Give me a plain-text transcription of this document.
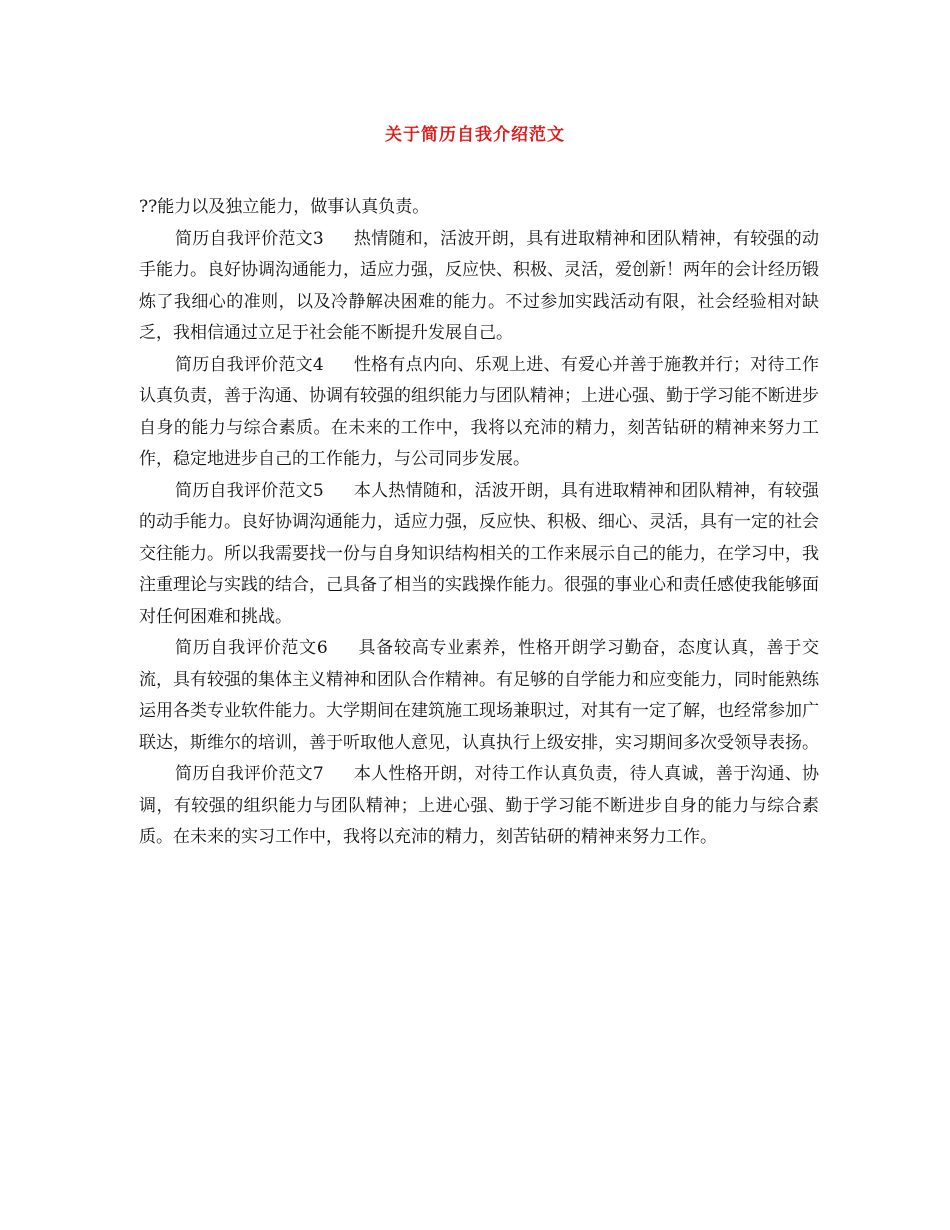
关于简历自我介绍范文

??能力以及独立能力，做事认真负责。

简历自我评价范文3 热情随和，活波开朗，具有进取精神和团队精神，有较强的动手能力。良好协调沟通能力，适应力强，反应快、积极、灵活，爱创新！两年的会计经历锻炼了我细心的准则，以及冷静解决困难的能力。不过参加实践活动有限，社会经验相对缺乏，我相信通过立足于社会能不断提升发展自己。

简历自我评价范文4 性格有点内向、乐观上进、有爱心并善于施教并行；对待工作认真负责，善于沟通、协调有较强的组织能力与团队精神；上进心强、勤于学习能不断进步自身的能力与综合素质。在未来的工作中，我将以充沛的精力，刻苦钻研的精神来努力工作，稳定地进步自己的工作能力，与公司同步发展。

简历自我评价范文5 本人热情随和，活波开朗，具有进取精神和团队精神，有较强的动手能力。良好协调沟通能力，适应力强，反应快、积极、细心、灵活，具有一定的社会交往能力。所以我需要找一份与自身知识结构相关的工作来展示自己的能力，在学习中，我注重理论与实践的结合，己具备了相当的实践操作能力。很强的事业心和责任感使我能够面对任何困难和挑战。

简历自我评价范文6 具备较高专业素养，性格开朗学习勤奋，态度认真，善于交流，具有较强的集体主义精神和团队合作精神。有足够的自学能力和应变能力，同时能熟练运用各类专业软件能力。大学期间在建筑施工现场兼职过，对其有一定了解，也经常参加广联达，斯维尔的培训，善于听取他人意见，认真执行上级安排，实习期间多次受领导表扬。

简历自我评价范文7 本人性格开朗，对待工作认真负责，待人真诚，善于沟通、协调，有较强的组织能力与团队精神；上进心强、勤于学习能不断进步自身的能力与综合素质。在未来的实习工作中，我将以充沛的精力，刻苦钻研的精神来努力工作。
